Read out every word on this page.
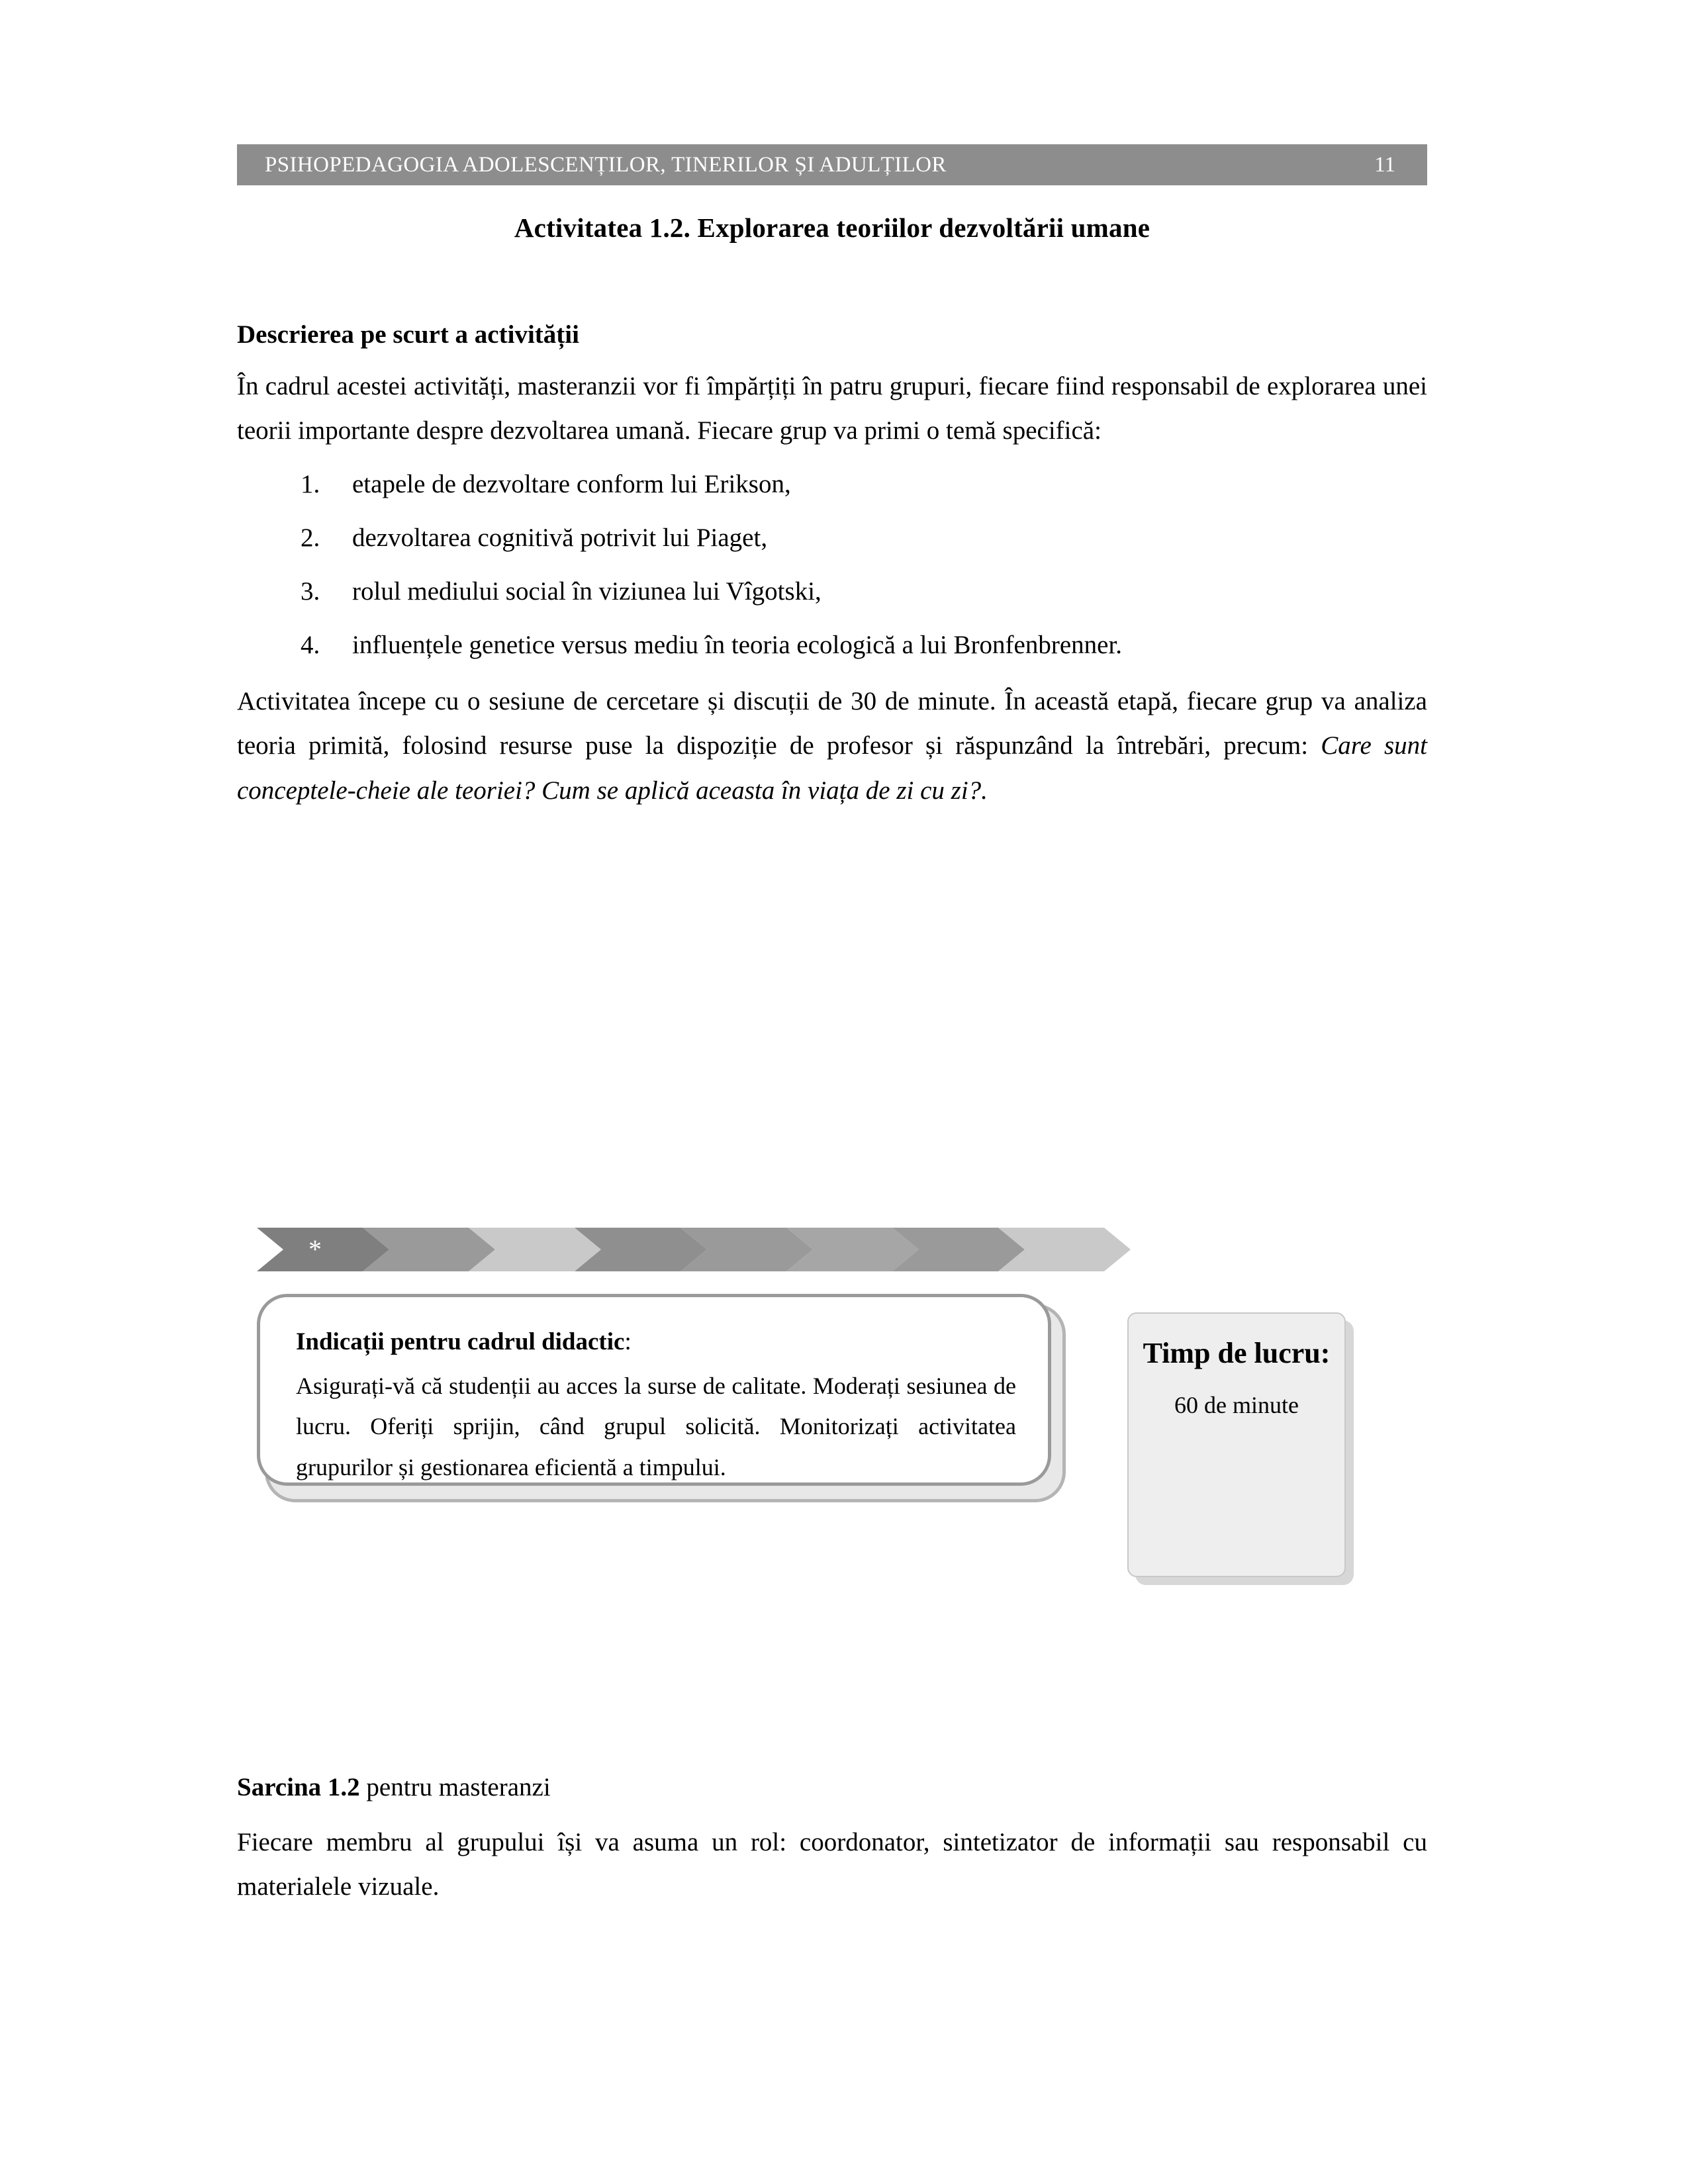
PSIHOPEDAGOGIA ADOLESCENȚILOR, TINERILOR ȘI ADULȚILOR	11
Activitatea 1.2. Explorarea teoriilor dezvoltării umane
Descrierea pe scurt a activității

În cadrul acestei activități, masteranzii vor fi împărțiți în patru grupuri, fiecare fiind responsabil de explorarea unei teorii importante despre dezvoltarea umană. Fiecare grup va primi o temă specifică:

1. etapele de dezvoltare conform lui Erikson,
2. dezvoltarea cognitivă potrivit lui Piaget,
3. rolul mediului social în viziunea lui Vîgotski,
4. influențele genetice versus mediu în teoria ecologică a lui Bronfenbrenner.

Activitatea începe cu o sesiune de cercetare și discuții de 30 de minute. În această etapă, fiecare grup va analiza teoria primită, folosind resurse puse la dispoziție de profesor și răspunzând la întrebări, precum: Care sunt conceptele-cheie ale teoriei? Cum se aplică aceasta în viața de zi cu zi?.

*
Indicații pentru cadrul didactic:
Asigurați-vă că studenții au acces la surse de calitate. Moderați sesiunea de lucru. Oferiți sprijin, când grupul solicită. Monitorizați activitatea grupurilor și gestionarea eficientă a timpului.
Timp de lucru:
60 de minute
Sarcina 1.2 pentru masteranzi

Fiecare membru al grupului își va asuma un rol: coordonator, sintetizator de informații sau responsabil cu materialele vizuale.
